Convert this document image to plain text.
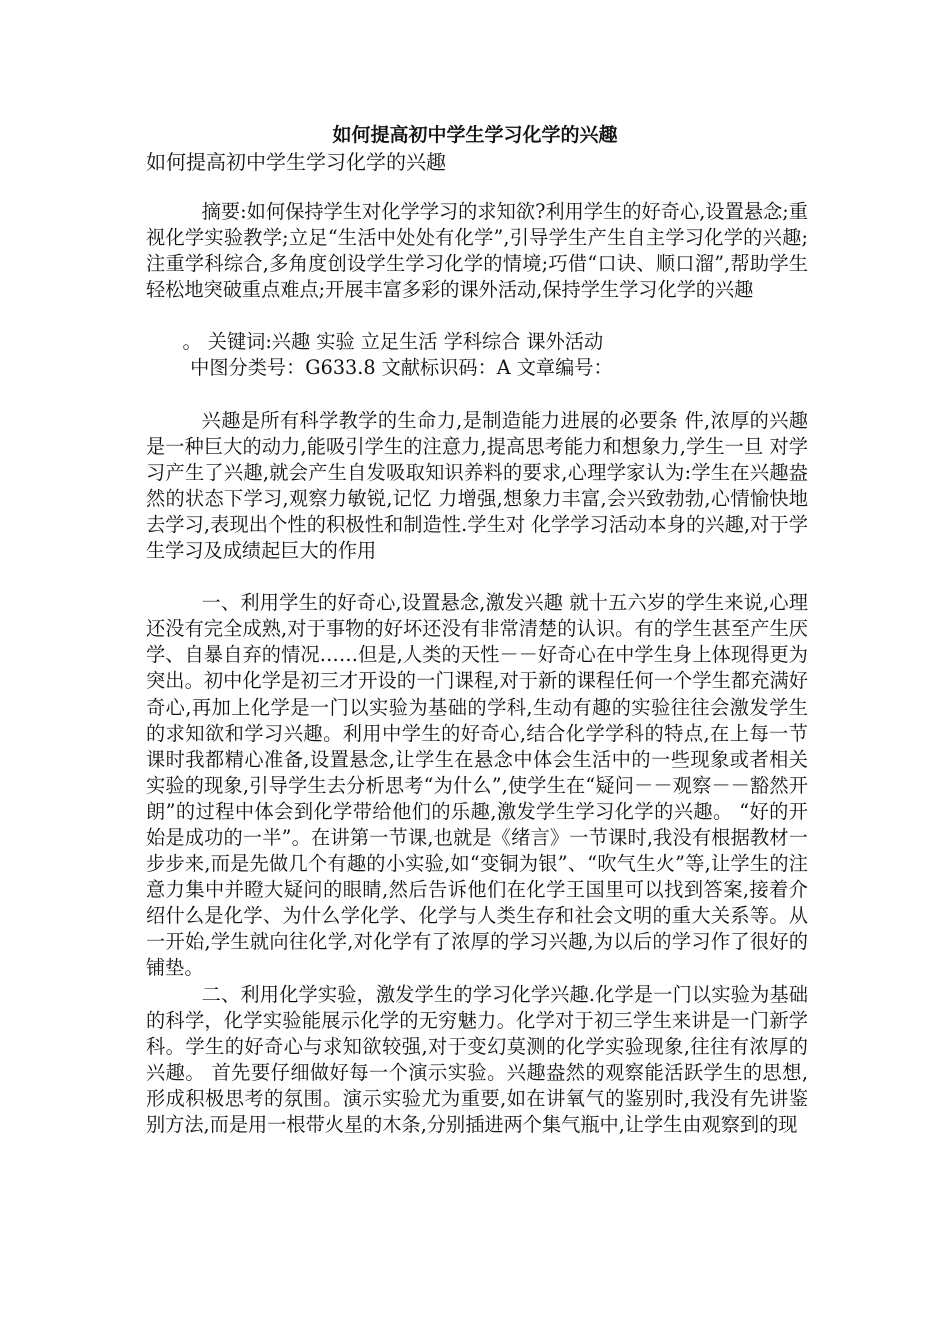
如何提高初中学生学习化学的兴趣
如何提高初中学生学习化学的兴趣

摘要:如何保持学生对化学学习的求知欲?利用学生的好奇心,设置悬念;重视化学实验教学;立足“生活中处处有化学”,引导学生产生自主学习化学的兴趣;注重学科综合,多角度创设学生学习化学的情境;巧借“口诀、顺口溜”,帮助学生轻松地突破重点难点;开展丰富多彩的课外活动,保持学生学习化学的兴趣

。 关键词:兴趣 实验 立足生活 学科综合 课外活动

中图分类号：G633.8 文献标识码：A 文章编号：

兴趣是所有科学教学的生命力,是制造能力进展的必要条 件,浓厚的兴趣是一种巨大的动力,能吸引学生的注意力,提高思考能力和想象力,学生一旦 对学习产生了兴趣,就会产生自发吸取知识养料的要求,心理学家认为:学生在兴趣盎然的状态下学习,观察力敏锐,记忆 力增强,想象力丰富,会兴致勃勃,心情愉快地去学习,表现出个性的积极性和制造性.学生对 化学学习活动本身的兴趣,对于学生学习及成绩起巨大的作用

一、利用学生的好奇心,设置悬念,激发兴趣 就十五六岁的学生来说,心理还没有完全成熟,对于事物的好坏还没有非常清楚的认识。有的学生甚至产生厌学、自暴自弃的情况……但是,人类的天性－－好奇心在中学生身上体现得更为突出。初中化学是初三才开设的一门课程,对于新的课程任何一个学生都充满好奇心,再加上化学是一门以实验为基础的学科,生动有趣的实验往往会激发学生的求知欲和学习兴趣。利用中学生的好奇心,结合化学学科的特点,在上每一节课时我都精心准备,设置悬念,让学生在悬念中体会生活中的一些现象或者相关实验的现象,引导学生去分析思考“为什么”,使学生在“疑问－－观察－－豁然开朗”的过程中体会到化学带给他们的乐趣,激发学生学习化学的兴趣。 “好的开始是成功的一半”。在讲第一节课,也就是《绪言》一节课时,我没有根据教材一步步来,而是先做几个有趣的小实验,如“变铜为银”、“吹气生火”等,让学生的注意力集中并瞪大疑问的眼睛,然后告诉他们在化学王国里可以找到答案,接着介绍什么是化学、为什么学化学、化学与人类生存和社会文明的重大关系等。从一开始,学生就向往化学,对化学有了浓厚的学习兴趣,为以后的学习作了很好的铺垫。

二、利用化学实验，激发学生的学习化学兴趣.化学是一门以实验为基础的科学，化学实验能展示化学的无穷魅力。化学对于初三学生来讲是一门新学科。学生的好奇心与求知欲较强,对于变幻莫测的化学实验现象,往往有浓厚的兴趣。 首先要仔细做好每一个演示实验。兴趣盎然的观察能活跃学生的思想,形成积极思考的氛围。演示实验尤为重要,如在讲氧气的鉴别时,我没有先讲鉴别方法,而是用一根带火星的木条,分别插进两个集气瓶中,让学生由观察到的现
